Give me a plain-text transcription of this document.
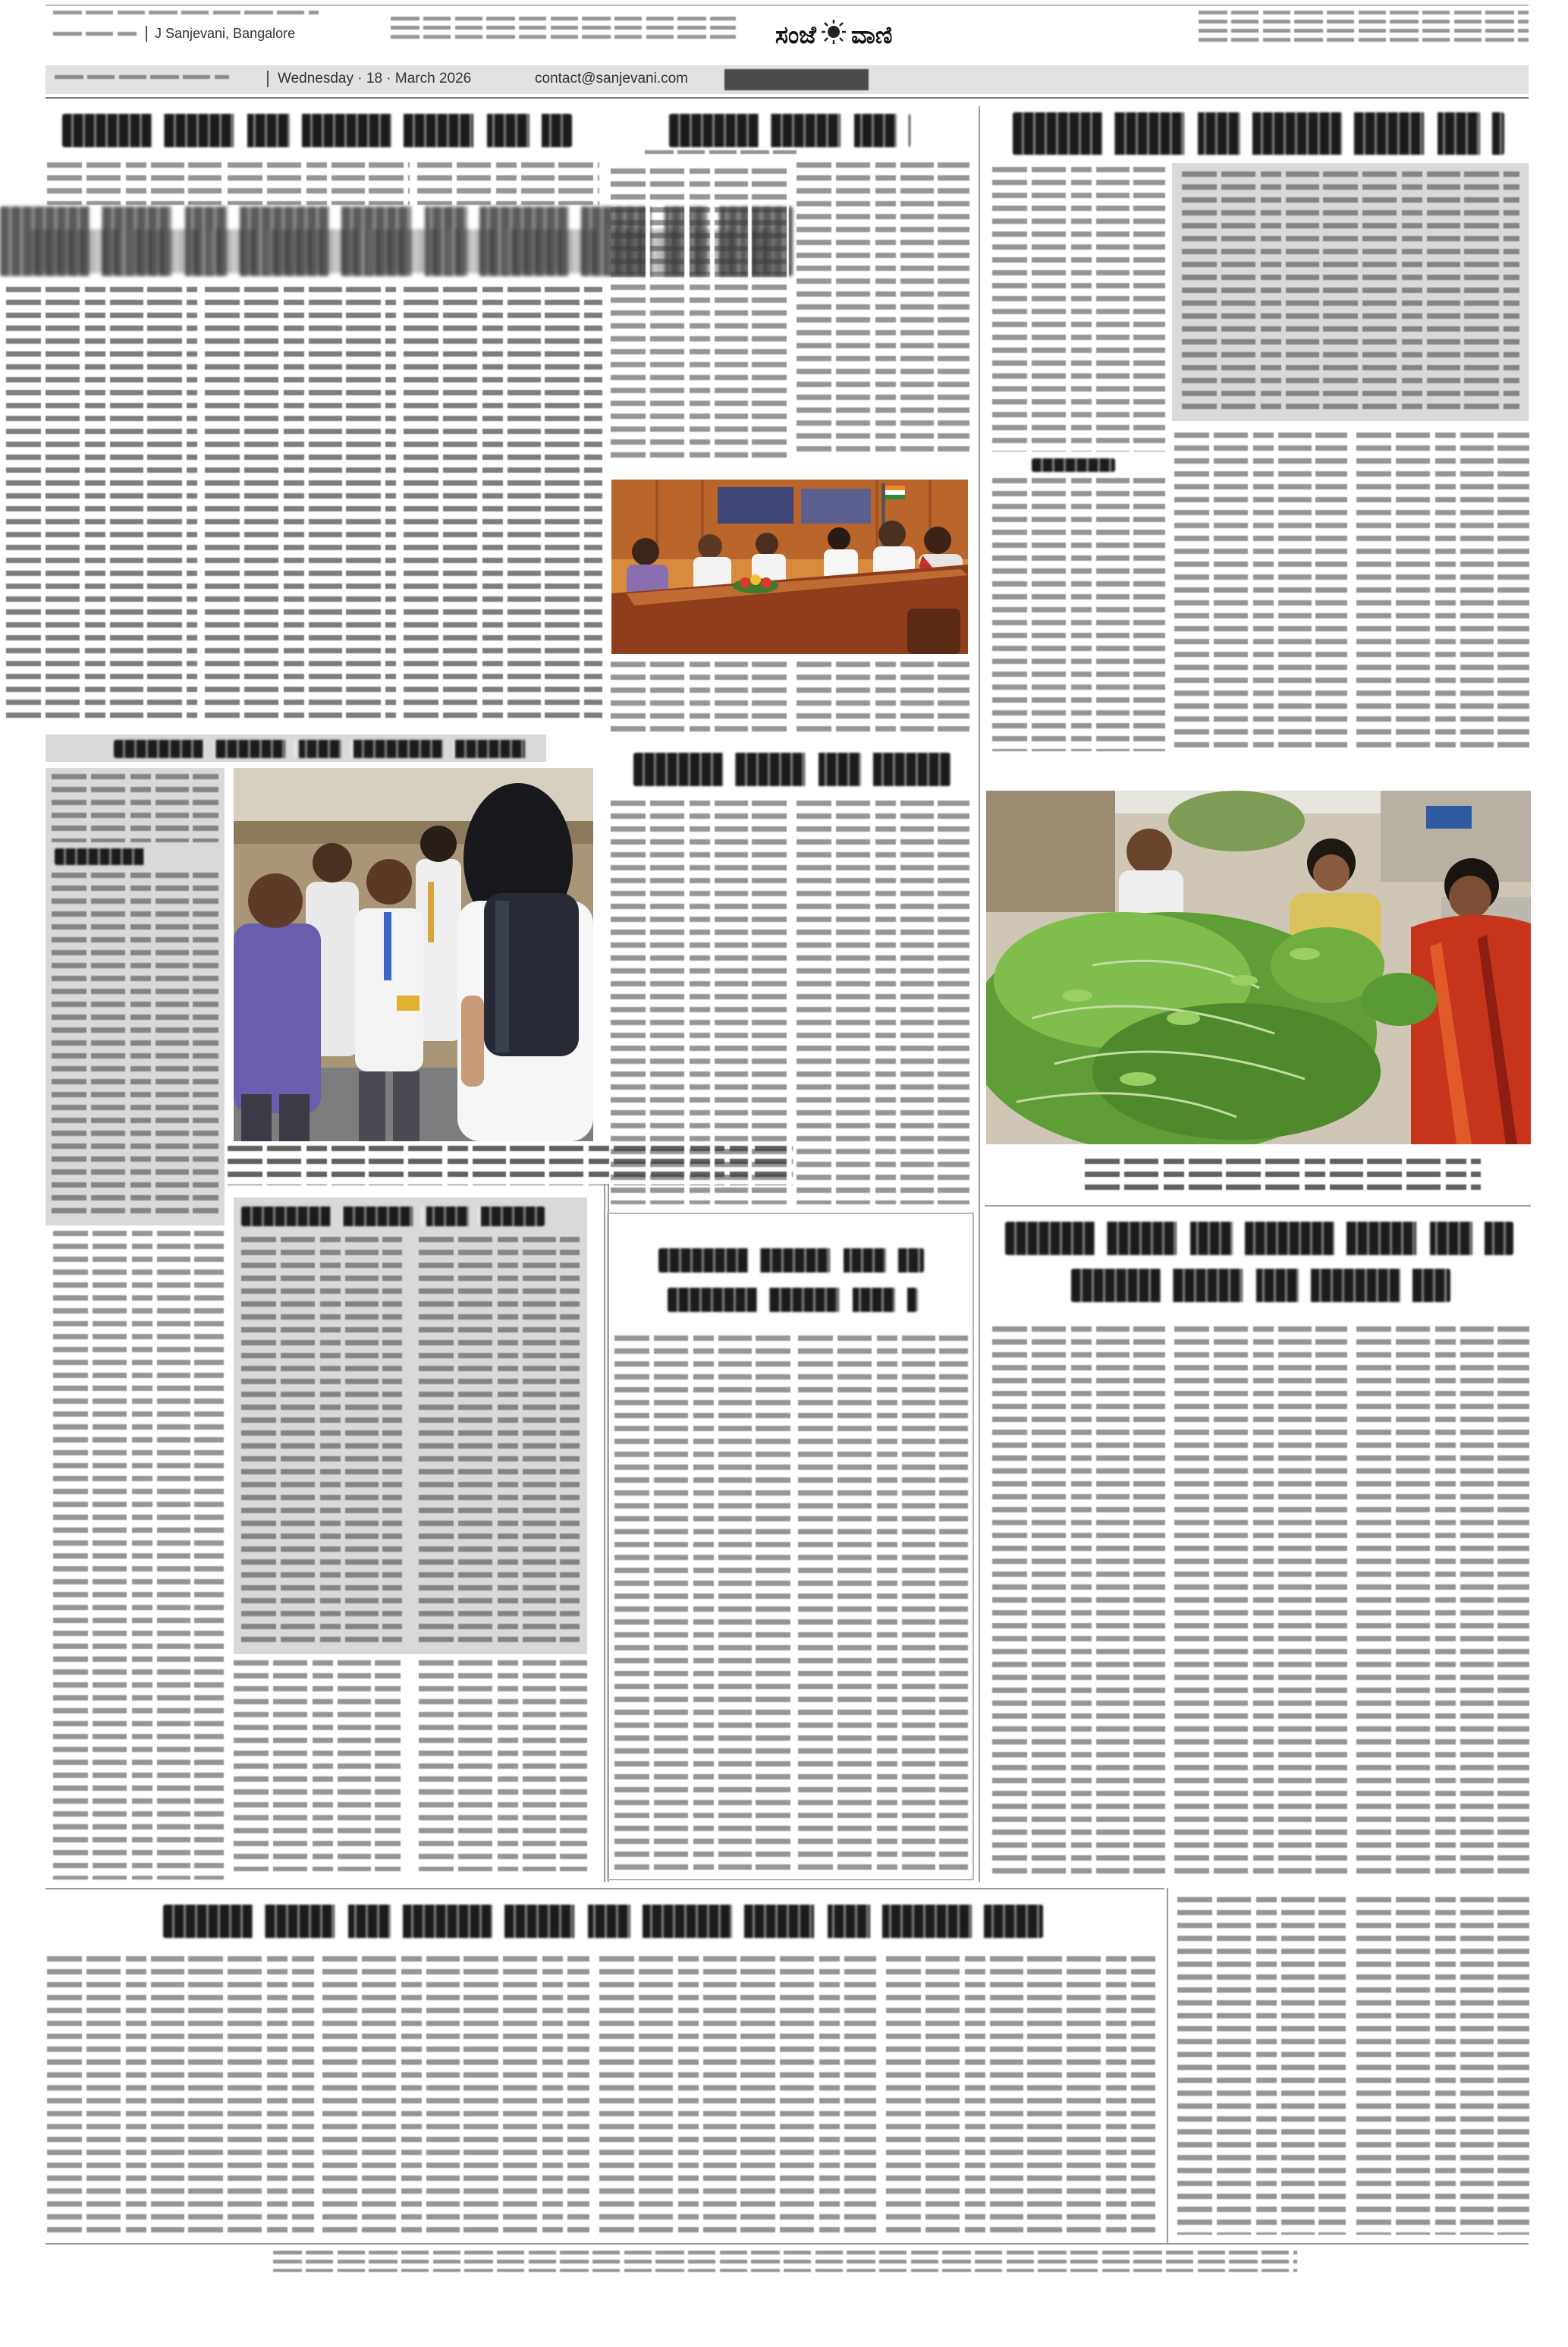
J Sanjevani, Bangalore	ಸಂಜೆ ವಾಣಿ
Wednesday · 18 · March 2026	contact@sanjevani.com
